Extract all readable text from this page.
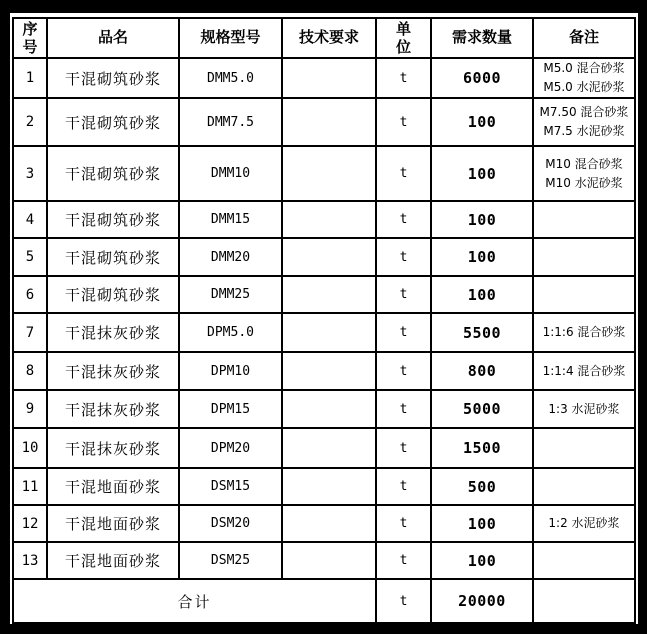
序号	品名	规格型号	技术要求	单位	需求数量	备注
1	干混砌筑砂浆	DMM5.0		t	6000	M5.0 混合砂浆
M5.0 水泥砂浆

2	干混砌筑砂浆	DMM7.5		t	100	M7.50 混合砂浆
M7.5 水泥砂浆

3	干混砌筑砂浆	DMM10		t	100	M10 混合砂浆
M10 水泥砂浆

4	干混砌筑砂浆	DMM15		t	100	
5	干混砌筑砂浆	DMM20		t	100	
6	干混砌筑砂浆	DMM25		t	100	
7	干混抹灰砂浆	DPM5.0		t	5500	1:1:6 混合砂浆

8	干混抹灰砂浆	DPM10		t	800	1:1:4 混合砂浆

9	干混抹灰砂浆	DPM15		t	5000	1:3 水泥砂浆

10	干混抹灰砂浆	DPM20		t	1500	
11	干混地面砂浆	DSM15		t	500	
12	干混地面砂浆	DSM20		t	100	1:2 水泥砂浆

13	干混地面砂浆	DSM25		t	100	
合计				t	20000	
